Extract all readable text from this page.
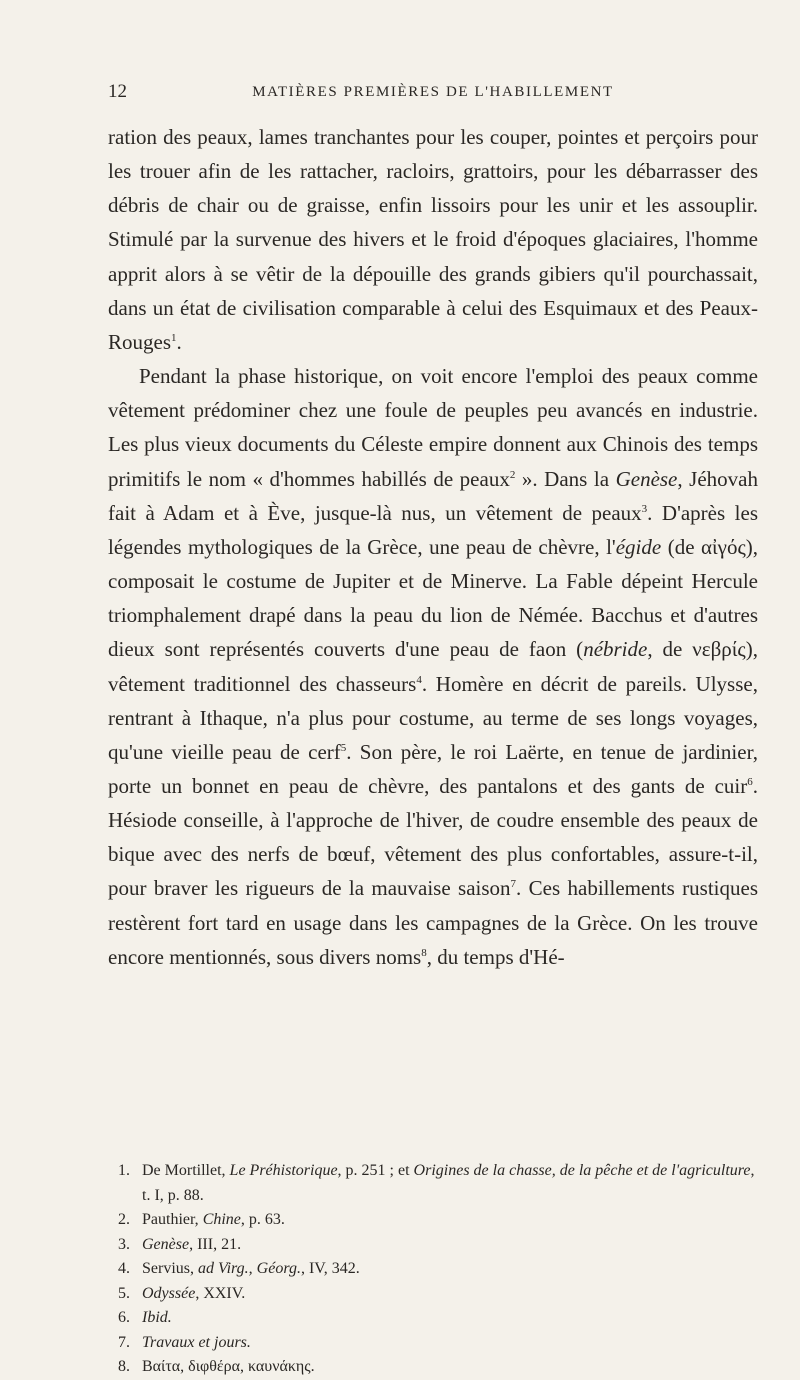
12	MATIÈRES PREMIÈRES DE L'HABILLEMENT

ration des peaux, lames tranchantes pour les couper, pointes et perçoirs pour les trouer afin de les rattacher, racloirs, grattoirs, pour les débarrasser des débris de chair ou de graisse, enfin lissoirs pour les unir et les assouplir. Stimulé par la survenue des hivers et le froid d'époques glaciaires, l'homme apprit alors à se vêtir de la dépouille des grands gibiers qu'il pourchassait, dans un état de civilisation comparable à celui des Esquimaux et des Peaux-Rouges$^1$.

Pendant la phase historique, on voit encore l'emploi des peaux comme vêtement prédominer chez une foule de peuples peu avancés en industrie. Les plus vieux documents du Céleste empire donnent aux Chinois des temps primitifs le nom « d'hommes habillés de peaux$^2$ ». Dans la Genèse, Jéhovah fait à Adam et à Ève, jusque-là nus, un vêtement de peaux$^3$. D'après les légendes mythologiques de la Grèce, une peau de chèvre, l'égide (de αἰγός), composait le costume de Jupiter et de Minerve. La Fable dépeint Hercule triomphalement drapé dans la peau du lion de Némée. Bacchus et d'autres dieux sont représentés couverts d'une peau de faon (nébride, de νεβρίς), vêtement traditionnel des chasseurs$^4$. Homère en décrit de pareils. Ulysse, rentrant à Ithaque, n'a plus pour costume, au terme de ses longs voyages, qu'une vieille peau de cerf$^5$. Son père, le roi Laërte, en tenue de jardinier, porte un bonnet en peau de chèvre, des pantalons et des gants de cuir$^6$. Hésiode conseille, à l'approche de l'hiver, de coudre ensemble des peaux de bique avec des nerfs de bœuf, vêtement des plus confortables, assure-t-il, pour braver les rigueurs de la mauvaise saison$^7$. Ces habillements rustiques restèrent fort tard en usage dans les campagnes de la Grèce. On les trouve encore mentionnés, sous divers noms$^8$, du temps d'Hé-

1. De Mortillet, Le Préhistorique, p. 251 ; et Origines de la chasse, de la pêche et de l'agriculture, t. I, p. 88.
2. Pauthier, Chine, p. 63.
3. Genèse, III, 21.
4. Servius, ad Virg., Géorg., IV, 342.
5. Odyssée, XXIV.
6. Ibid.
7. Travaux et jours.
8. Βαίτα, διφθέρα, καυνάκης.
